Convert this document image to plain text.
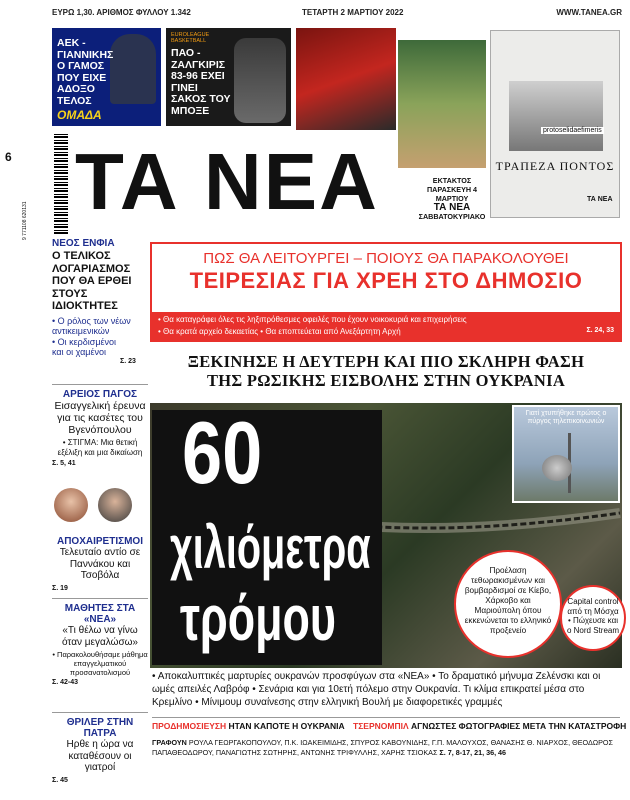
ΕΥΡΩ 1,30. ΑΡΙΘΜΟΣ ΦΥΛΛΟΥ 1.342	ΤΕΤΑΡΤΗ 2 ΜΑΡΤΙΟΥ 2022	WWW.TANEA.GR
ΑΕΚ - ΓΙΑΝΝΙΚΗΣ Ο ΓΑΜΟΣ ΠΟΥ ΕΙΧΕ ΑΔΟΞΟ ΤΕΛΟΣ
ΟΜΑΔΑ
EUROLEAGUE BASKETBALL
ΠΑΟ - ΖΑΛΓΚΙΡΙΣ 83-96 ΕΧΕΙ ΓΙΝΕΙ ΣΑΚΟΣ ΤΟΥ ΜΠΟΞΕ
protoselidaefimeris
ΤΡΑΠΕΖΑ ΠΟΝΤΟΣ
ΤΑ ΝΕΑ
ΕΚΤΑΚΤΟΣ
ΠΑΡΑΣΚΕΥΗ 4 ΜΑΡΤΙΟΥ
ΤΑ ΝΕΑ
ΣΑΒΒΑΤΟΚΥΡΙΑΚΟ
6
9 771108 620131 ΤΑ ΝΕΑ
ΝΕΟΣ ΕΝΦΙΑ
Ο ΤΕΛΙΚΟΣ ΛΟΓΑΡΙΑΣΜΟΣ ΠΟΥ ΘΑ ΕΡΘΕΙ ΣΤΟΥΣ ΙΔΙΟΚΤΗΤΕΣ
• Ο ρόλος των νέων αντικειμενικών
• Οι κερδισμένοι και οι χαμένοι
Σ. 23
ΑΡΕΙΟΣ ΠΑΓΟΣ
Εισαγγελική έρευνα για τις κασέτες του Βγενόπουλου
• ΣΤΙΓΜΑ: Μια θετική εξέλιξη και μια δικαίωση
Σ. 5, 41
ΑΠΟΧΑΙΡΕΤΙΣΜΟΙ
Τελευταίο αντίο σε Παννάκου και Τσοβόλα
Σ. 19
ΜΑΘΗΤΕΣ ΣΤΑ «ΝΕΑ»
«Τι θέλω να γίνω όταν μεγαλώσω»
• Παρακολουθήσαμε μάθημα επαγγελματικού προσανατολισμού
Σ. 42-43
ΘΡΙΛΕΡ ΣΤΗΝ ΠΑΤΡΑ
Ηρθε η ώρα να καταθέσουν οι γιατροί
Σ. 45
ΠΩΣ ΘΑ ΛΕΙΤΟΥΡΓΕΙ – ΠΟΙΟΥΣ ΘΑ ΠΑΡΑΚΟΛΟΥΘΕΙ
ΤΕΙΡΕΣΙΑΣ ΓΙΑ ΧΡΕΗ ΣΤΟ ΔΗΜΟΣΙΟ
• Θα καταγράφει όλες τις ληξιπρόθεσμες οφειλές που έχουν νοικοκυριά και επιχειρήσεις
• Θα κρατά αρχείο δεκαετίας • Θα εποπτεύεται από Ανεξάρτητη Αρχή	Σ. 24, 33
ΞΕΚΙΝΗΣΕ Η ΔΕΥΤΕΡΗ ΚΑΙ ΠΙΟ ΣΚΛΗΡΗ ΦΑΣΗ
ΤΗΣ ΡΩΣΙΚΗΣ ΕΙΣΒΟΛΗΣ ΣΤΗΝ ΟΥΚΡΑΝΙΑ
Γιατί χτυπήθηκε πρώτος ο πύργος τηλεπικοινωνιών
60
χιλιόμετρα
τρόμου
Προέλαση τεθωρακισμένων και βομβαρδισμοί σε Κίεβο, Χάρκοβο και Μαριούπολη όπου εκκενώνεται το ελληνικό προξενείο
Capital control από τη Μόσχα • Πώχευσε και ο Nord Stream
• Αποκαλυπτικές μαρτυρίες ουκρανών προσφύγων στα «ΝΕΑ» • Το δραματικό μήνυμα Ζελένσκι και οι ωμές απειλές Λαβρόφ • Σενάρια και για 10ετή πόλεμο στην Ουκρανία. Τι κλίμα επικρατεί μέσα στο Κρεμλίνο • Μίνιμουμ συναίνεσης στην ελληνική Βουλή με διαφορετικές γραμμές
ΠΡΟΔΗΜΟΣΙΕΥΣΗ ΗΤΑΝ ΚΑΠΟΤΕ Η ΟΥΚΡΑΝΙΑ ΤΣΕΡΝΟΜΠΙΛ ΑΓΝΩΣΤΕΣ ΦΩΤΟΓΡΑΦΙΕΣ ΜΕΤΑ ΤΗΝ ΚΑΤΑΣΤΡΟΦΗ
ΓΡΑΦΟΥΝ ΡΟΥΛΑ ΓΕΩΡΓΑΚΟΠΟΥΛΟΥ, Π.Κ. ΙΩΑΚΕΙΜΙΔΗΣ, ΣΠΥΡΟΣ ΚΑΒΟΥΝΙΔΗΣ, Γ.Π. ΜΑΛΟΥΧΟΣ, ΘΑΝΑΣΗΣ Θ. ΝΙΑΡΧΟΣ, ΘΕΟΔΩΡΟΣ ΠΑΠΑΘΕΟΔΩΡΟΥ, ΠΑΝΑΓΙΩΤΗΣ ΣΩΤΗΡΗΣ, ΑΝΤΩΝΗΣ ΤΡΙΦΥΛΛΗΣ, ΧΑΡΗΣ ΤΣΙΟΚΑΣ Σ. 7, 8-17, 21, 36, 46
